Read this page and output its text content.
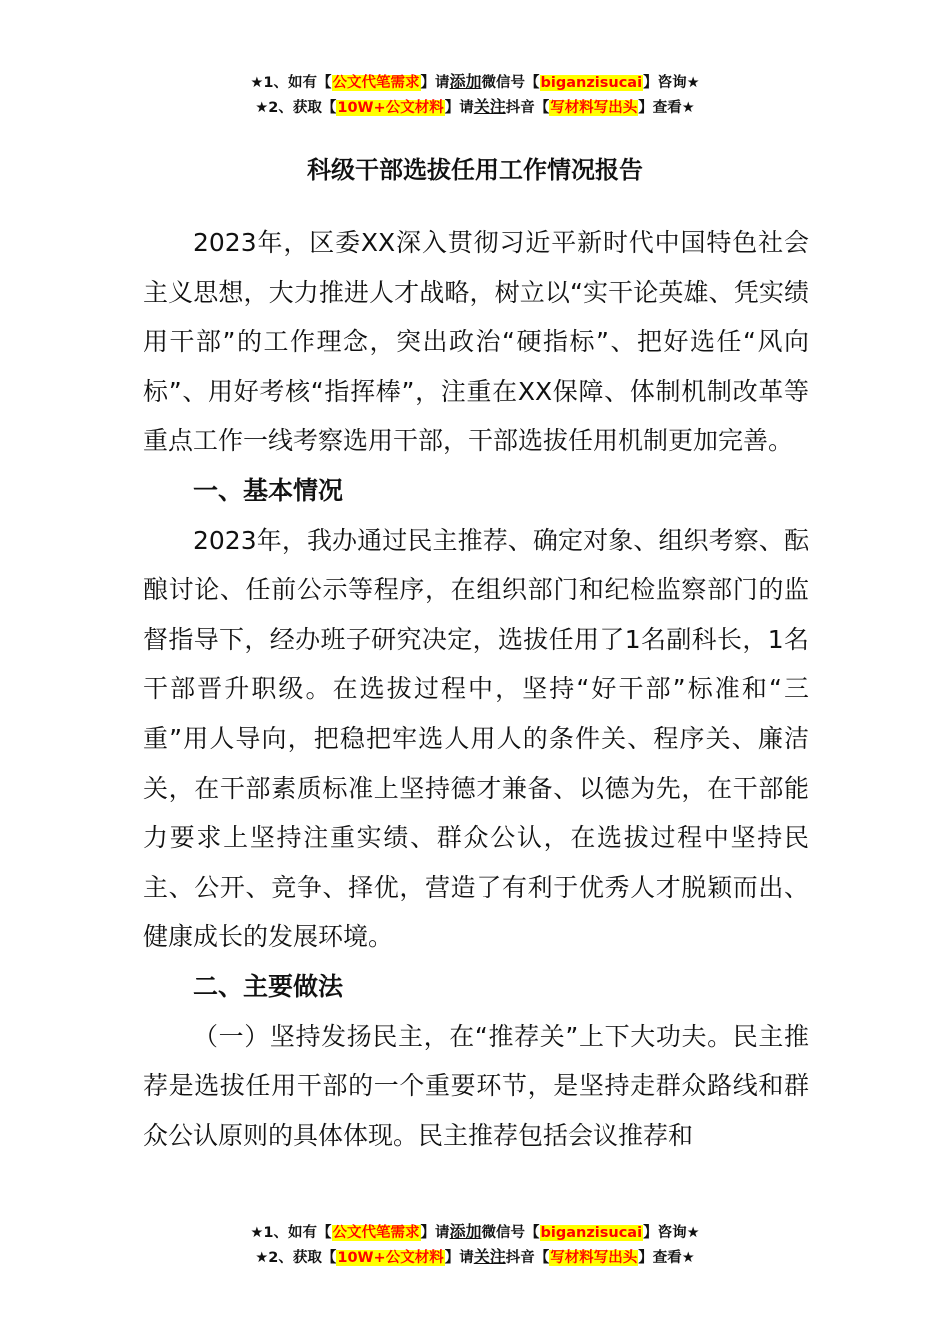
★1、如有【公文代笔需求】请添加微信号【biganzisucai】咨询★
★2、获取【10W+公文材料】请关注抖音【写材料写出头】查看★
科级干部选拔任用工作情况报告

2023年，区委XX深入贯彻习近平新时代中国特色社会主义思想，大力推进人才战略，树立以“实干论英雄、凭实绩用干部”的工作理念，突出政治“硬指标”、把好选任“风向标”、用好考核“指挥棒”，注重在XX保障、体制机制改革等重点工作一线考察选用干部，干部选拔任用机制更加完善。

一、基本情况

2023年，我办通过民主推荐、确定对象、组织考察、酝酿讨论、任前公示等程序，在组织部门和纪检监察部门的监督指导下，经办班子研究决定，选拔任用了1名副科长，1名干部晋升职级。在选拔过程中，坚持“好干部”标准和“三重”用人导向，把稳把牢选人用人的条件关、程序关、廉洁关，在干部素质标准上坚持德才兼备、以德为先，在干部能力要求上坚持注重实绩、群众公认，在选拔过程中坚持民主、公开、竞争、择优，营造了有利于优秀人才脱颖而出、健康成长的发展环境。

二、主要做法

（一）坚持发扬民主，在“推荐关”上下大功夫。民主推荐是选拔任用干部的一个重要环节，是坚持走群众路线和群众公认原则的具体体现。民主推荐包括会议推荐和

★1、如有【公文代笔需求】请添加微信号【biganzisucai】咨询★
★2、获取【10W+公文材料】请关注抖音【写材料写出头】查看★
